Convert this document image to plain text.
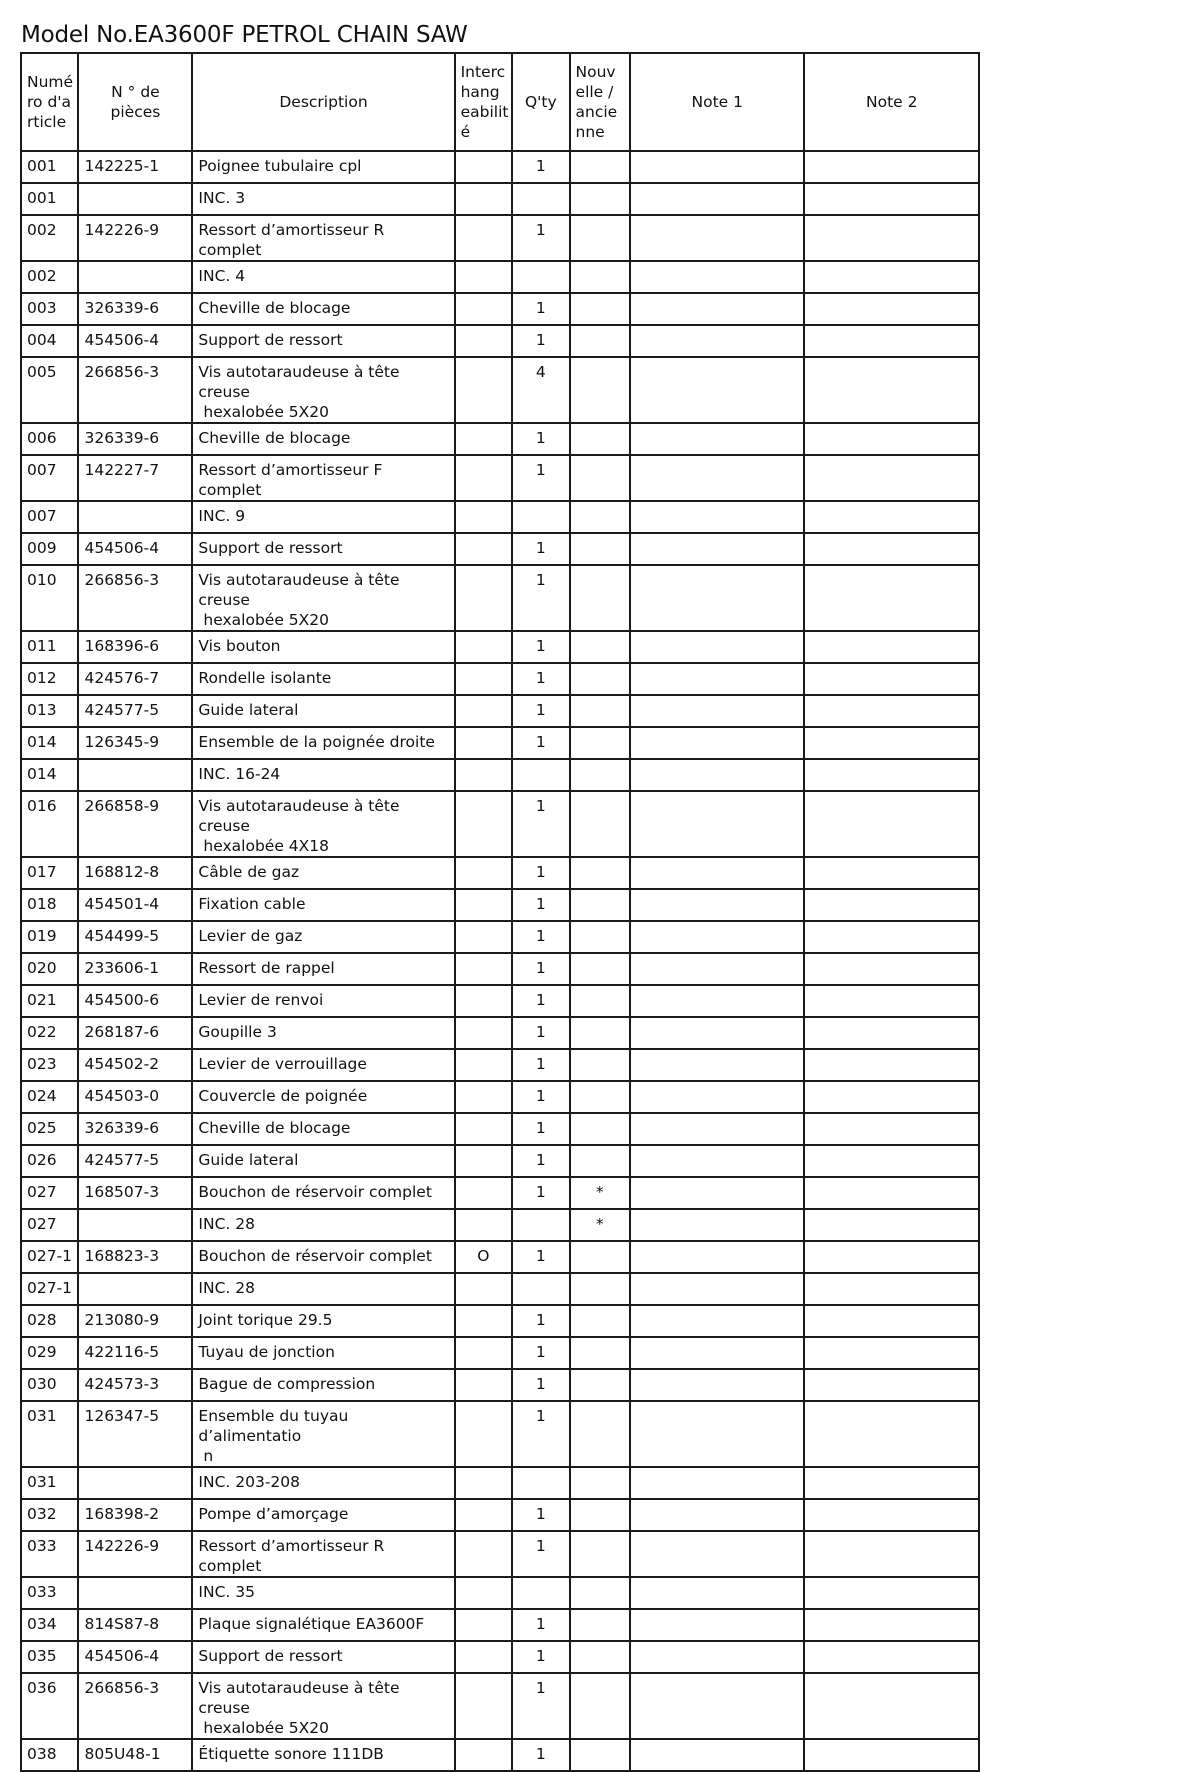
Model No.EA3600F PETROL CHAIN SAW
Numé
ro d'a
rticle	N ° de pièces	Description	Interc
hang
eabilit
é	Q'ty	Nouv
elle /
ancie
nne	Note 1	Note 2
001	142225-1	Poignee tubulaire cpl		1			
001		INC. 3					

002	142226-9	Ressort d’amortisseur R complet		1			
002		INC. 4					

003	326339-6	Cheville de blocage		1			
004	454506-4	Support de ressort		1			
005	266856-3	Vis autotaraudeuse à tête creuse
hexalobée 5X20		4			
006	326339-6	Cheville de blocage		1			
007	142227-7	Ressort d’amortisseur F complet		1			
007		INC. 9					

009	454506-4	Support de ressort		1			
010	266856-3	Vis autotaraudeuse à tête creuse
hexalobée 5X20		1			
011	168396-6	Vis bouton		1			
012	424576-7	Rondelle isolante		1			
013	424577-5	Guide lateral		1			
014	126345-9	Ensemble de la poignée droite		1			
014		INC. 16-24					

016	266858-9	Vis autotaraudeuse à tête creuse
hexalobée 4X18		1			
017	168812-8	Câble de gaz		1			
018	454501-4	Fixation cable		1			
019	454499-5	Levier de gaz		1			
020	233606-1	Ressort de rappel		1			
021	454500-6	Levier de renvoi		1			
022	268187-6	Goupille 3		1			
023	454502-2	Levier de verrouillage		1			
024	454503-0	Couvercle de poignée		1			
025	326339-6	Cheville de blocage		1			
026	424577-5	Guide lateral		1			
027	168507-3	Bouchon de réservoir complet		1	*		
027		INC. 28			*		
027-1	168823-3	Bouchon de réservoir complet	O	1			
027-1		INC. 28					

028	213080-9	Joint torique 29.5		1			
029	422116-5	Tuyau de jonction		1			
030	424573-3	Bague de compression		1			
031	126347-5	Ensemble du tuyau d’alimentatio
n		1			
031		INC. 203-208					

032	168398-2	Pompe d’amorçage		1			
033	142226-9	Ressort d’amortisseur R complet		1			
033		INC. 35					

034	814S87-8	Plaque signalétique EA3600F		1			
035	454506-4	Support de ressort		1			
036	266856-3	Vis autotaraudeuse à tête creuse
hexalobée 5X20		1			
038	805U48-1	Étiquette sonore 111DB		1			
